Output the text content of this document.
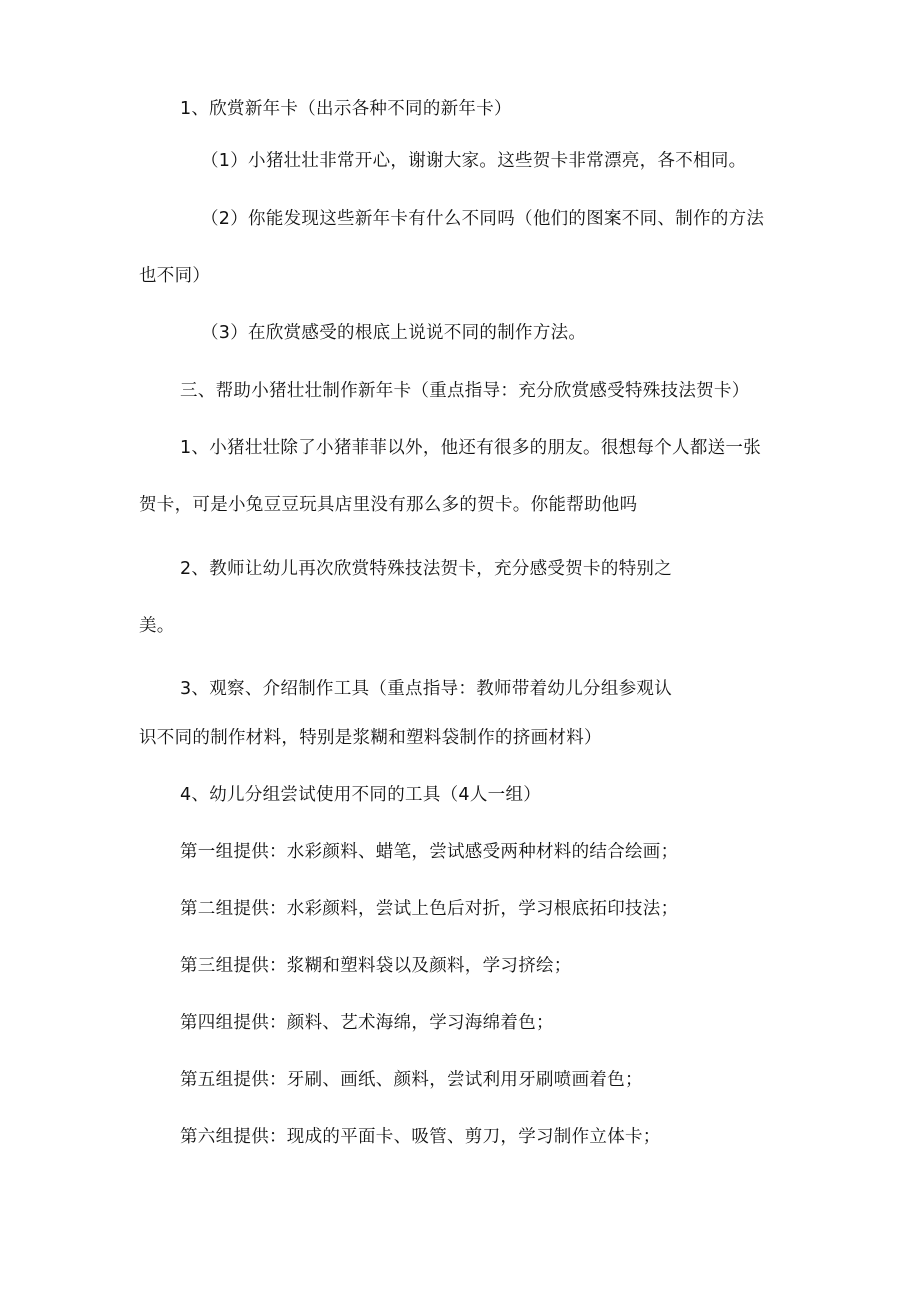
1、欣赏新年卡（出示各种不同的新年卡）
（1）小猪壮壮非常开心，谢谢大家。这些贺卡非常漂亮，各不相同。
（2）你能发现这些新年卡有什么不同吗（他们的图案不同、制作的方法
也不同）
（3）在欣赏感受的根底上说说不同的制作方法。
三、帮助小猪壮壮制作新年卡（重点指导：充分欣赏感受特殊技法贺卡）
1、小猪壮壮除了小猪菲菲以外，他还有很多的朋友。很想每个人都送一张
贺卡，可是小兔豆豆玩具店里没有那么多的贺卡。你能帮助他吗
2、教师让幼儿再次欣赏特殊技法贺卡，充分感受贺卡的特别之
美。
3、观察、介绍制作工具（重点指导：教师带着幼儿分组参观认
识不同的制作材料，特别是浆糊和塑料袋制作的挤画材料）
4、幼儿分组尝试使用不同的工具（4人一组）
第一组提供：水彩颜料、蜡笔，尝试感受两种材料的结合绘画；
第二组提供：水彩颜料，尝试上色后对折，学习根底拓印技法；
第三组提供：浆糊和塑料袋以及颜料，学习挤绘；
第四组提供：颜料、艺术海绵，学习海绵着色；
第五组提供：牙刷、画纸、颜料，尝试利用牙刷喷画着色；
第六组提供：现成的平面卡、吸管、剪刀，学习制作立体卡；
